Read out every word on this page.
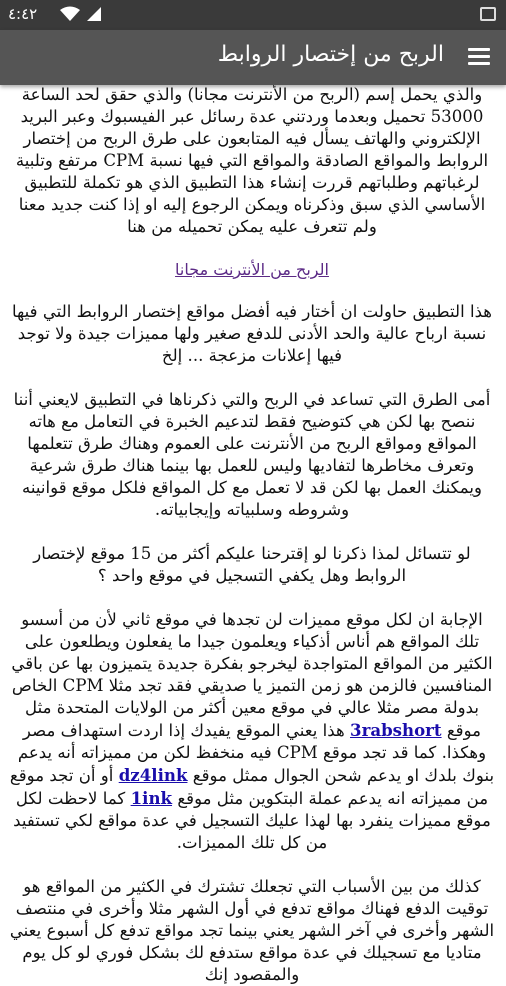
٤:٤٢
الربح من إختصار الروابط

والذي يحمل إسم (الربح من الأنترنت مجانا) والذي حقق لحد الساعة 53000 تحميل وبعدما وردتني عدة رسائل عبر الفيسبوك وعبر البريد الإلكتروني والهاتف يسأل فيه المتابعون على طرق الربح من إختصار الروابط والمواقع الصادقة والمواقع التي فيها نسبة CPM مرتفع وتلبية لرغباتهم وطلباتهم قررت إنشاء هذا التطبيق الذي هو تكملة للتطبيق الأساسي الذي سبق وذكرناه ويمكن الرجوع إليه او إذا كنت جديد معنا ولم تتعرف عليه يمكن تحميله من هنا

الربح من الأنترنت مجانا

هذا التطبيق حاولت ان أختار فيه أفضل مواقع إختصار الروابط التي فيها نسبة ارباح عالية والحد الأدنى للدفع صغير ولها مميزات جيدة ولا توجد فيها إعلانات مزعجة ... إلخ

أمى الطرق التي تساعد في الربح والتي ذكرناها في التطبيق لايعني أننا ننصح بها لكن هي كتوضيح فقط لتدعيم الخبرة في التعامل مع هاته المواقع ومواقع الربح من الأنترنت على العموم وهناك طرق تتعلمها وتعرف مخاطرها لتفاديها وليس للعمل بها بينما هناك طرق شرعية ويمكنك العمل بها لكن قد لا تعمل مع كل المواقع فلكل موقع قوانينه وشروطه وسلبياته وإيجابياته.

لو تتسائل لمذا ذكرنا لو إقترحنا عليكم أكثر من 15 موقع لإختصار الروابط وهل يكفي التسجيل في موقع واحد ؟

الإجابة ان لكل موقع مميزات لن تجدها في موقع ثاني لأن من أسسو تلك المواقع هم أناس أذكياء ويعلمون جيدا ما يفعلون ويطلعون على الكثير من المواقع المتواجدة ليخرجو بفكرة جديدة يتميزون بها عن باقي المنافسين فالزمن هو زمن التميز يا صديقي فقد تجد مثلا CPM الخاص بدولة مصر مثلا عالي في موقع معين أكثر من الولايات المتحدة مثل موقع 3rabshort هذا يعني الموقع يفيدك إذا اردت استهداف مصر وهكذا. كما قد تجد موقع CPM فيه منخفظ لكن من مميزاته أنه يدعم بنوك بلدك او يدعم شحن الجوال ممثل موقع dz4link أو أن تجد موقع من مميزاته انه يدعم عملة البتكوين مثل موقع 1ink كما لاحظت لكل موقع مميزات ينفرد بها لهذا عليك التسجيل في عدة مواقع لكي تستفيد من كل تلك المميزات.

كذلك من بين الأسباب التي تجعلك تشترك في الكثير من المواقع هو توقيت الدفع فهناك مواقع تدفع في أول الشهر مثلا وأخرى في منتصف الشهر وأخرى في آخر الشهر يعني بينما تجد مواقع تدفع كل أسبوع يعني متاديا مع تسجيلك في عدة مواقع ستدفع لك بشكل فوري لو كل يوم والمقصود إنك
